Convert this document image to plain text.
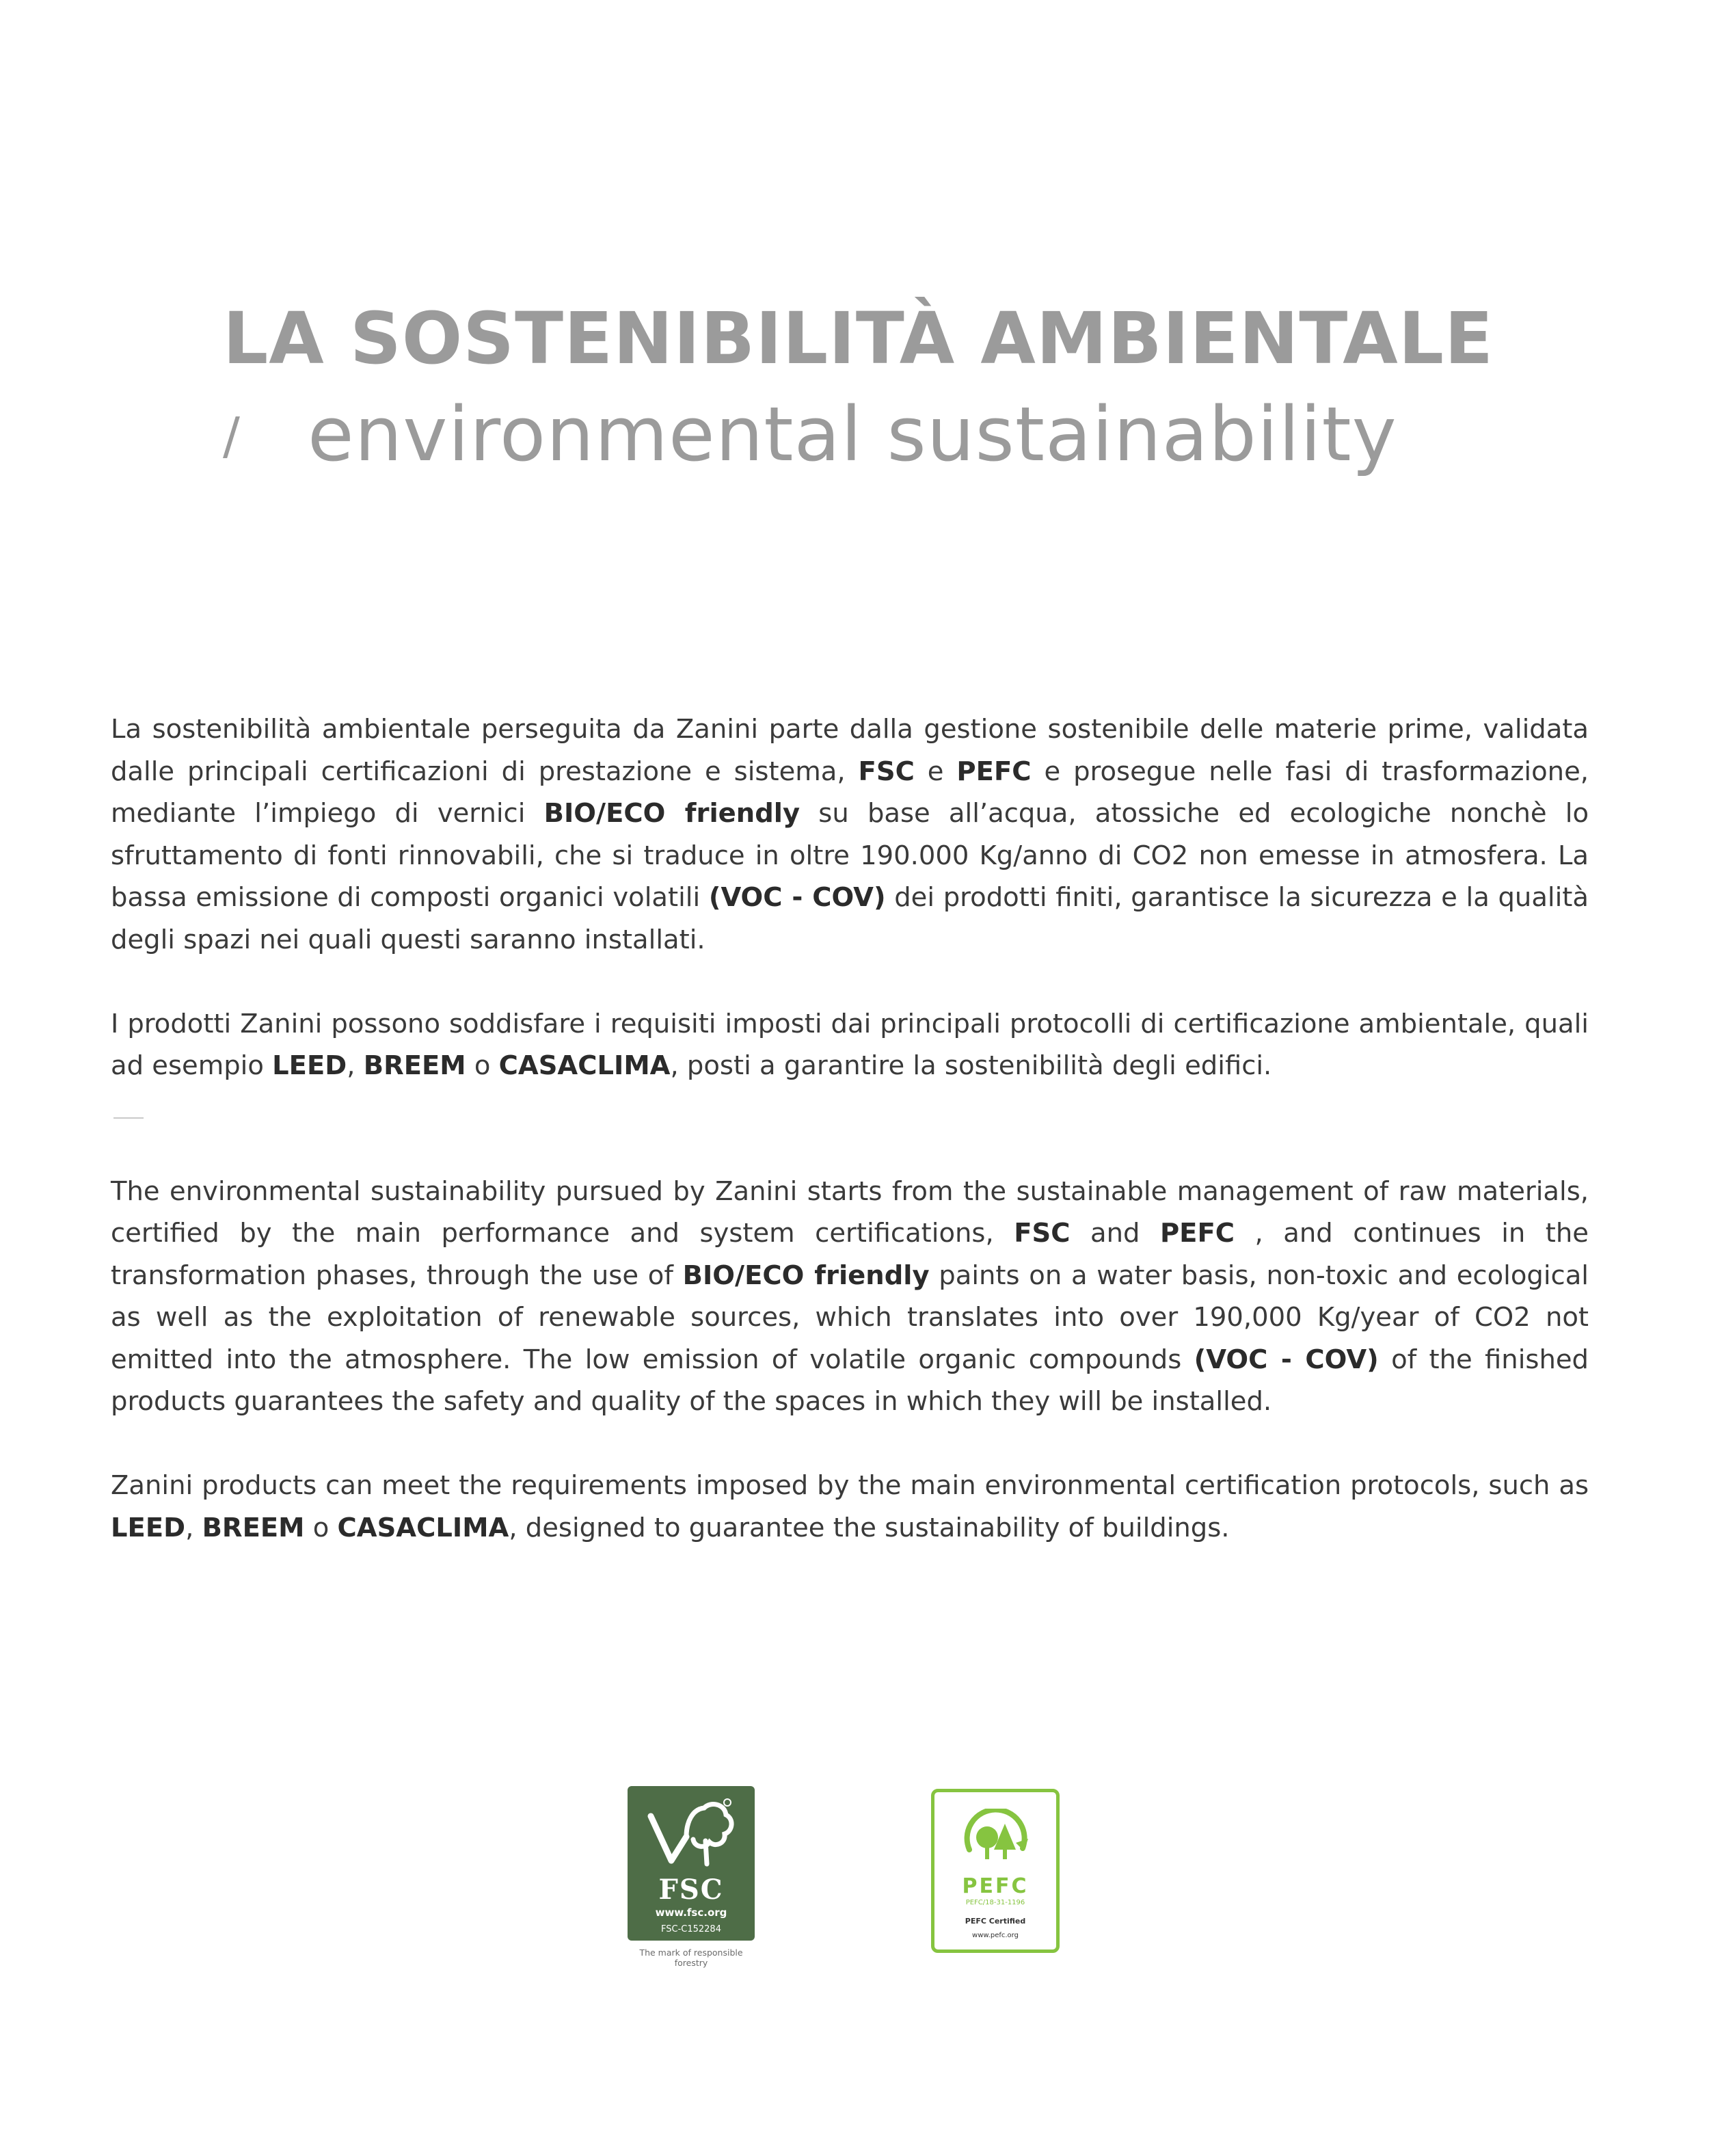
LA SOSTENIBILITÀ AMBIENTALE
/ environmental sustainability

La sostenibilità ambientale perseguita da Zanini parte dalla gestione sostenibile delle materie prime, validata dalle principali certificazioni di prestazione e sistema, FSC e PEFC e prosegue nelle fasi di trasformazione, mediante l’impiego di vernici BIO/ECO friendly su base all’acqua, atossiche ed ecologiche nonchè lo sfruttamento di fonti rinnovabili, che si traduce in oltre 190.000 Kg/anno di CO2 non emesse in atmosfera. La bassa emissione di composti organici volatili (VOC - COV) dei prodotti finiti, garantisce la sicurezza e la qualità degli spazi nei quali questi saranno installati.

I prodotti Zanini possono soddisfare i requisiti imposti dai principali protocolli di certificazione ambientale, quali ad esempio LEED, BREEM o CASACLIMA, posti a garantire la sostenibilità degli edifici.

The environmental sustainability pursued by Zanini starts from the sustainable management of raw materials, certified by the main performance and system certifications, FSC and PEFC , and continues in the transformation phases, through the use of BIO/ECO friendly paints on a water basis, non-toxic and ecological as well as the exploitation of renewable sources, which translates into over 190,000 Kg/year of CO2 not emitted into the atmosphere. The low emission of volatile organic compounds (VOC - COV) of the finished products guarantees the safety and quality of the spaces in which they will be installed.

Zanini products can meet the requirements imposed by the main environmental certification protocols, such as LEED, BREEM o CASACLIMA, designed to guarantee the sustainability of buildings.

FSC
www.fsc.org
FSC-C152284
The mark of responsible forestry
PEFC
PEFC/18-31-1196
PEFC Certified
www.pefc.org
